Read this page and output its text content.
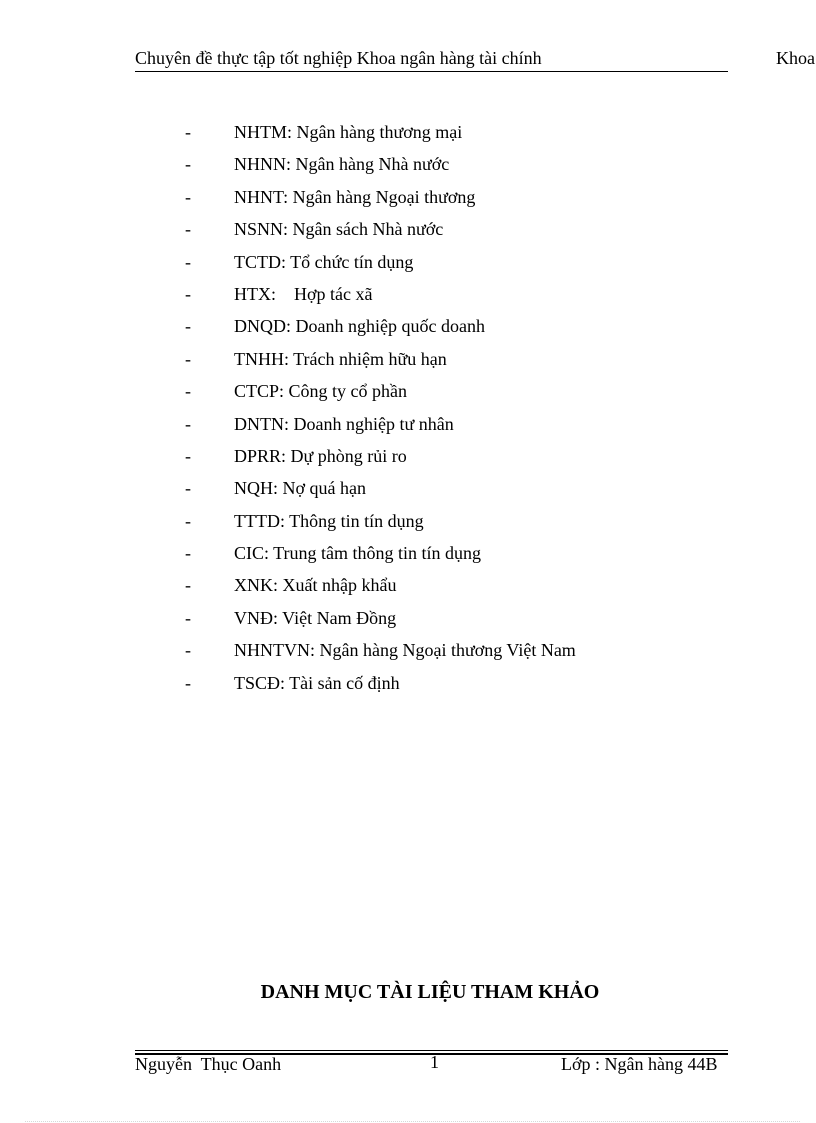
Chuyên đề thực tập tốt nghiệp Khoa ngân hàng tài chính	Khoa
- NHTM: Ngân hàng thương mại
- NHNN: Ngân hàng Nhà nước
- NHNT: Ngân hàng Ngoại thương
- NSNN: Ngân sách Nhà nước
- TCTD: Tổ chức tín dụng
- HTX:    Hợp tác xã
- DNQD: Doanh nghiệp quốc doanh
- TNHH: Trách nhiệm hữu hạn
- CTCP: Công ty cổ phần
- DNTN: Doanh nghiệp tư nhân
- DPRR: Dự phòng rủi ro
- NQH: Nợ quá hạn
- TTTD: Thông tin tín dụng
- CIC: Trung tâm thông tin tín dụng
- XNK: Xuất nhập khẩu
- VNĐ: Việt Nam Đồng
- NHNTVN: Ngân hàng Ngoại thương Việt Nam
- TSCĐ: Tài sản cố định
DANH MỤC TÀI LIỆU THAM KHẢO
Nguyễn  Thục Oanh	1	Lớp : Ngân hàng 44B
